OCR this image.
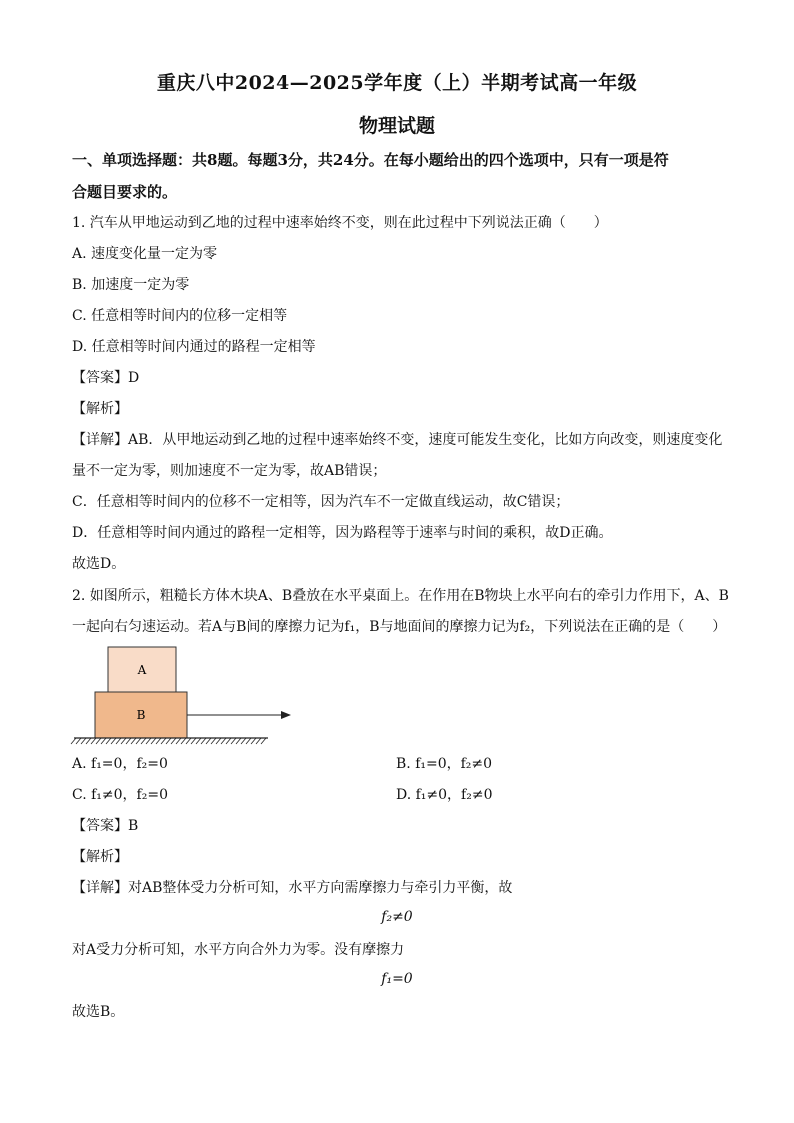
重庆八中2024—2025学年度（上）半期考试高一年级
物理试题
一、单项选择题：共8题。每题3分，共24分。在每小题给出的四个选项中，只有一项是符
合题目要求的。
1. 汽车从甲地运动到乙地的过程中速率始终不变，则在此过程中下列说法正确（　　）
A. 速度变化量一定为零
B. 加速度一定为零
C. 任意相等时间内的位移一定相等
D. 任意相等时间内通过的路程一定相等
【答案】D
【解析】
【详解】AB．从甲地运动到乙地的过程中速率始终不变，速度可能发生变化，比如方向改变，则速度变化
量不一定为零，则加速度不一定为零，故AB错误；
C．任意相等时间内的位移不一定相等，因为汽车不一定做直线运动，故C错误；
D．任意相等时间内通过的路程一定相等，因为路程等于速率与时间的乘积，故D正确。
故选D。
2. 如图所示，粗糙长方体木块A、B叠放在水平桌面上。在作用在B物块上水平向右的牵引力作用下，A、B
一起向右匀速运动。若A与B间的摩擦力记为f₁，B与地面间的摩擦力记为f₂，下列说法在正确的是（　　）
A
B
A. f₁=0，f₂=0	B. f₁=0，f₂≠0
C. f₁≠0，f₂=0	D. f₁≠0，f₂≠0
【答案】B
【解析】
【详解】对AB整体受力分析可知，水平方向需摩擦力与牵引力平衡，故
f₂≠0
对A受力分析可知，水平方向合外力为零。没有摩擦力
f₁=0
故选B。
